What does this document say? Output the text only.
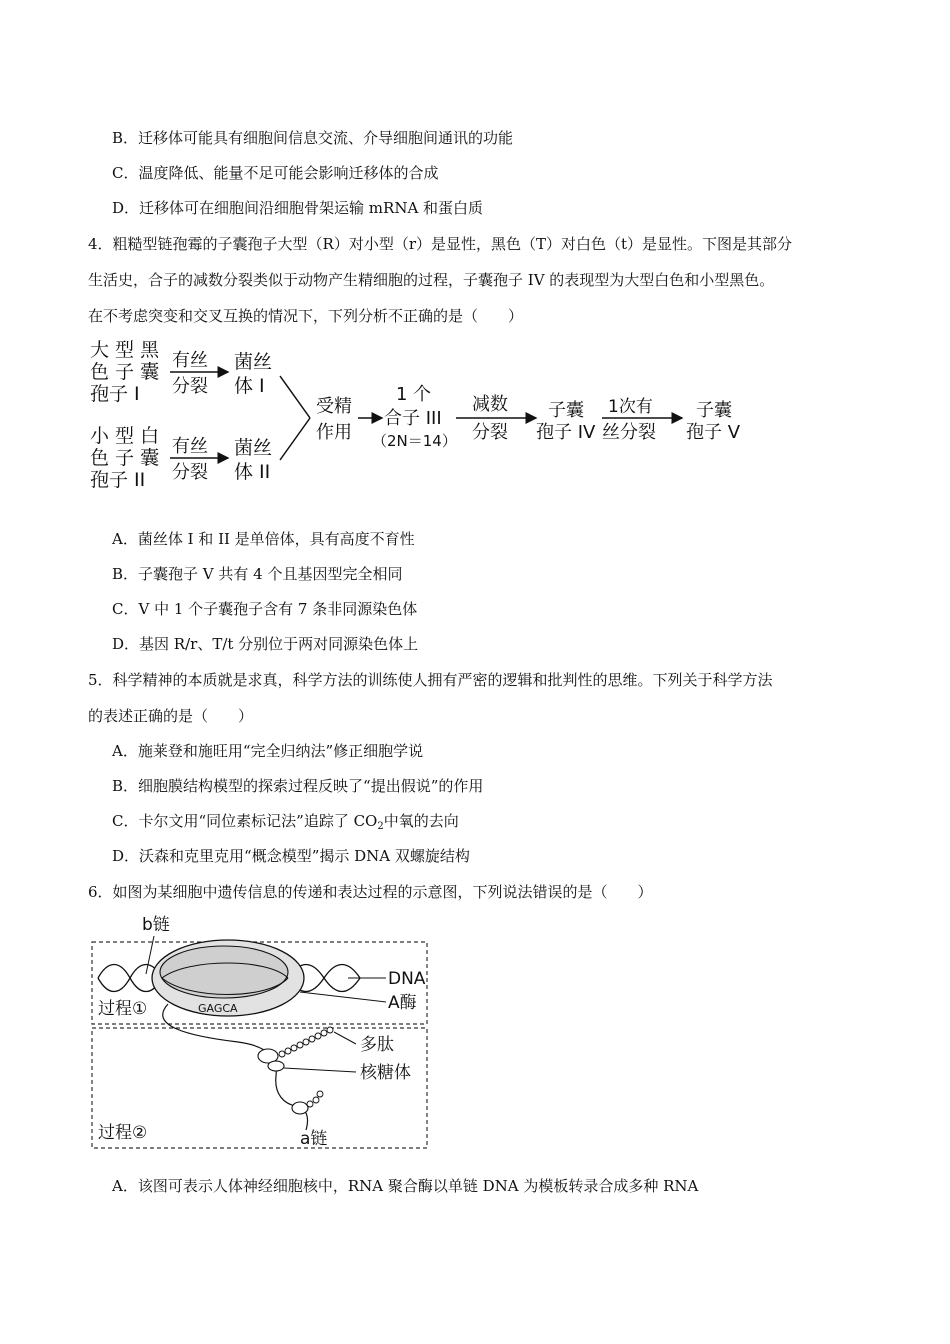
B．迁移体可能具有细胞间信息交流、介导细胞间通讯的功能
C．温度降低、能量不足可能会影响迁移体的合成
D．迁移体可在细胞间沿细胞骨架运输 mRNA 和蛋白质
4．粗糙型链孢霉的子囊孢子大型（R）对小型（r）是显性，黑色（T）对白色（t）是显性。下图是其部分
生活史，合子的减数分裂类似于动物产生精细胞的过程，子囊孢子 IV 的表现型为大型白色和小型黑色。
在不考虑突变和交叉互换的情况下，下列分析不正确的是（　　）
大 型 黑
色 子 囊
孢子 I
有丝
分裂
菌丝
体 I
小 型 白
色 子 囊
孢子 II
有丝
分裂
菌丝
体 II
受精
作用
1 个
合子 III
（2N＝14）
减数
分裂
子囊
孢子 IV
1次有
丝分裂
子囊
孢子 V
A．菌丝体 I 和 II 是单倍体，具有高度不育性
B．子囊孢子 V 共有 4 个且基因型完全相同
C．V 中 1 个子囊孢子含有 7 条非同源染色体
D．基因 R/r、T/t 分别位于两对同源染色体上
5．科学精神的本质就是求真，科学方法的训练使人拥有严密的逻辑和批判性的思维。下列关于科学方法
的表述正确的是（　　）
A．施莱登和施旺用“完全归纳法”修正细胞学说
B．细胞膜结构模型的探索过程反映了“提出假说”的作用
C．卡尔文用“同位素标记法”追踪了 $CO_2$中氧的去向
D．沃森和克里克用“概念模型”揭示 DNA 双螺旋结构
6．如图为某细胞中遗传信息的传递和表达过程的示意图，下列说法错误的是（　　）
b链
GAGCA
DNA
A酶
过程①
多肽
核糖体
a链
过程②
A．该图可表示人体神经细胞核中，RNA 聚合酶以单链 DNA 为模板转录合成多种 RNA
